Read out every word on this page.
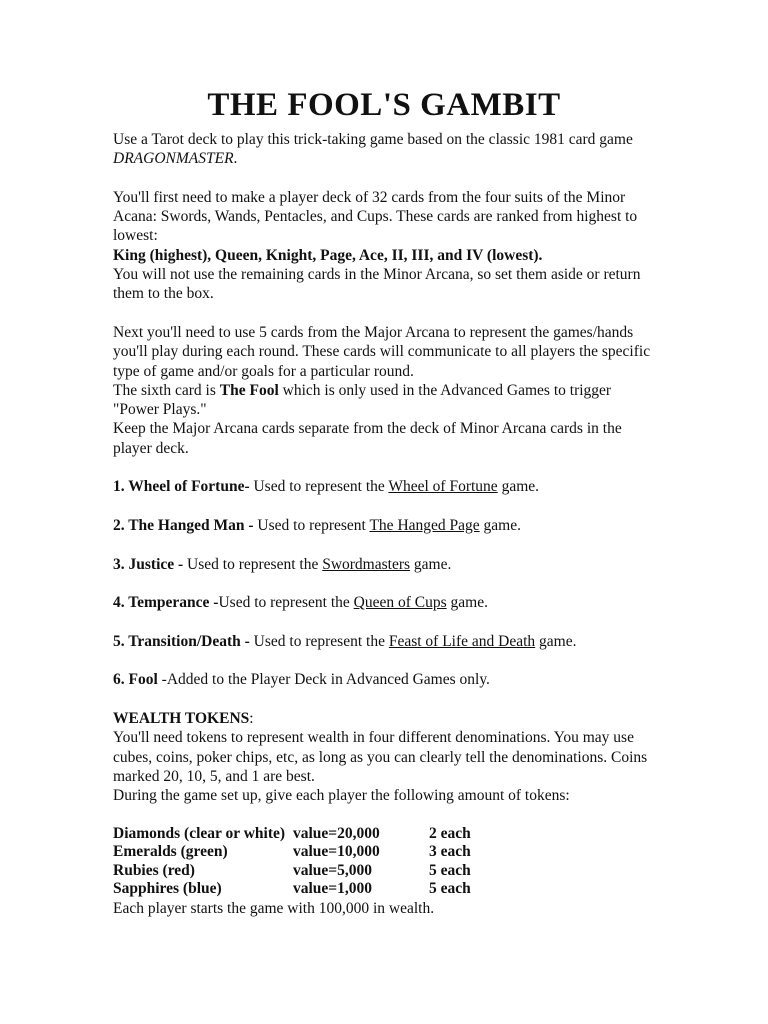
THE FOOL'S GAMBIT

Use a Tarot deck to play this trick-taking game based on the classic 1981 card game DRAGONMASTER.

You'll first need to make a player deck of 32 cards from the four suits of the Minor Acana: Swords, Wands, Pentacles, and Cups. These cards are ranked from highest to lowest:

King (highest), Queen, Knight, Page, Ace, II, III, and IV (lowest).

You will not use the remaining cards in the Minor Arcana, so set them aside or return them to the box.

Next you'll need to use 5 cards from the Major Arcana to represent the games/hands you'll play during each round. These cards will communicate to all players the specific type of game and/or goals for a particular round.

The sixth card is The Fool which is only used in the Advanced Games to trigger "Power Plays."

Keep the Major Arcana cards separate from the deck of Minor Arcana cards in the player deck.

1. Wheel of Fortune- Used to represent the Wheel of Fortune game.

2. The Hanged Man - Used to represent The Hanged Page game.

3. Justice - Used to represent the Swordmasters game.

4. Temperance -Used to represent the Queen of Cups game.

5. Transition/Death - Used to represent the Feast of Life and Death game.

6. Fool -Added to the Player Deck in Advanced Games only.

WEALTH TOKENS:

You'll need tokens to represent wealth in four different denominations. You may use cubes, coins, poker chips, etc, as long as you can clearly tell the denominations. Coins marked 20, 10, 5, and 1 are best.

During the game set up, give each player the following amount of tokens:

Diamonds (clear or white)	value=20,000	2 each
Emeralds (green)	value=10,000	3 each
Rubies (red)	value=5,000	5 each
Sapphires (blue)	value=1,000	5 each

Each player starts the game with 100,000 in wealth.
